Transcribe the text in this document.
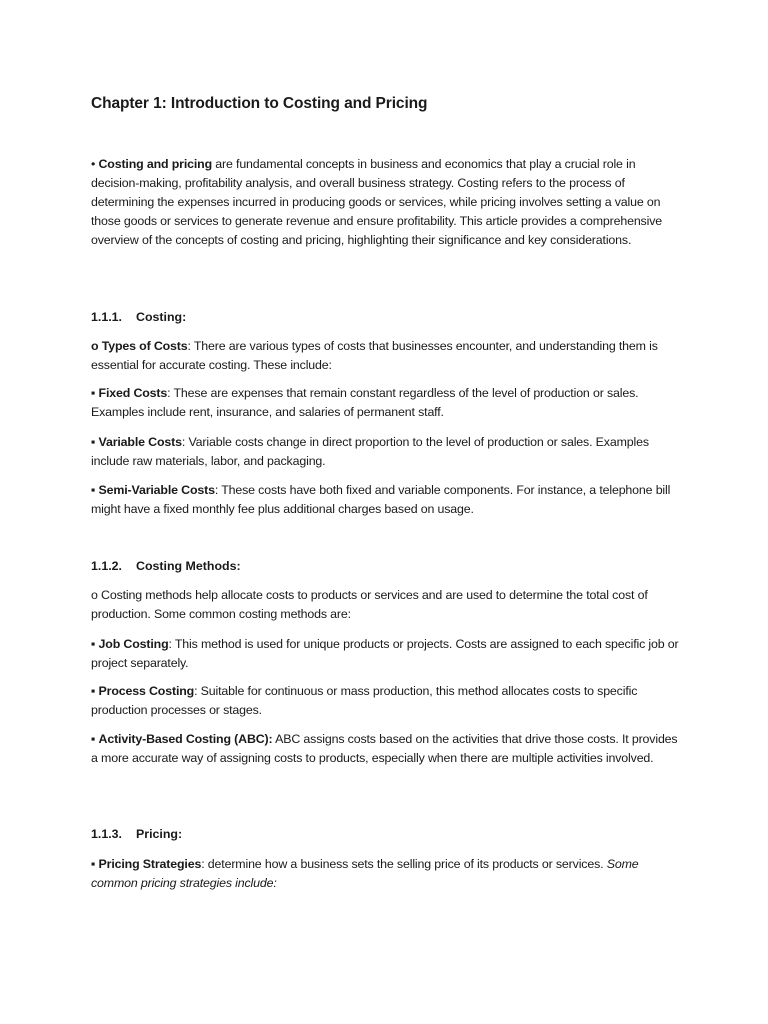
Chapter 1: Introduction to Costing and Pricing

• Costing and pricing are fundamental concepts in business and economics that play a crucial role in decision-making, profitability analysis, and overall business strategy. Costing refers to the process of determining the expenses incurred in producing goods or services, while pricing involves setting a value on those goods or services to generate revenue and ensure profitability. This article provides a comprehensive overview of the concepts of costing and pricing, highlighting their significance and key considerations.

1.1.1. Costing:

o Types of Costs: There are various types of costs that businesses encounter, and understanding them is essential for accurate costing. These include:

▪ Fixed Costs: These are expenses that remain constant regardless of the level of production or sales. Examples include rent, insurance, and salaries of permanent staff.

▪ Variable Costs: Variable costs change in direct proportion to the level of production or sales. Examples include raw materials, labor, and packaging.

▪ Semi-Variable Costs: These costs have both fixed and variable components. For instance, a telephone bill might have a fixed monthly fee plus additional charges based on usage.

1.1.2. Costing Methods:

o Costing methods help allocate costs to products or services and are used to determine the total cost of production. Some common costing methods are:

▪ Job Costing: This method is used for unique products or projects. Costs are assigned to each specific job or project separately.

▪ Process Costing: Suitable for continuous or mass production, this method allocates costs to specific production processes or stages.

▪ Activity-Based Costing (ABC): ABC assigns costs based on the activities that drive those costs. It provides a more accurate way of assigning costs to products, especially when there are multiple activities involved.

1.1.3. Pricing:

▪ Pricing Strategies: determine how a business sets the selling price of its products or services. Some common pricing strategies include:
